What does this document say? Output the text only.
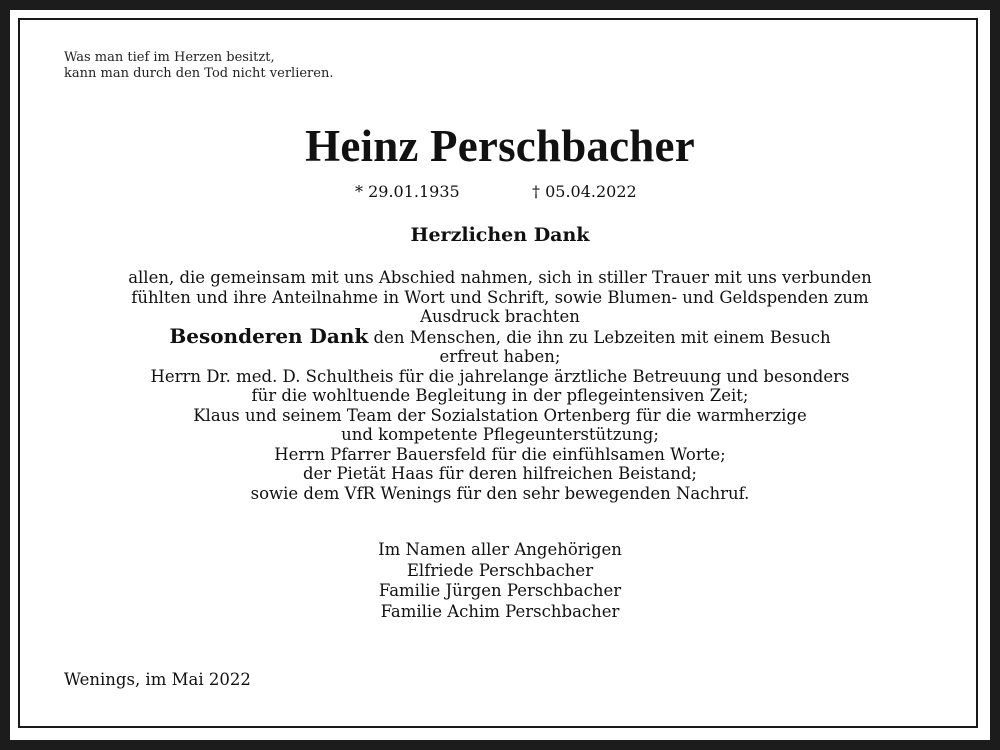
Was man tief im Herzen besitzt,
kann man durch den Tod nicht verlieren.
Heinz Perschbacher
* 29.01.1935	† 05.04.2022
Herzlichen Dank
allen, die gemeinsam mit uns Abschied nahmen, sich in stiller Trauer mit uns verbunden
fühlten und ihre Anteilnahme in Wort und Schrift, sowie Blumen- und Geldspenden zum
Ausdruck brachten
Besonderen Dank den Menschen, die ihn zu Lebzeiten mit einem Besuch
erfreut haben;
Herrn Dr. med. D. Schultheis für die jahrelange ärztliche Betreuung und besonders
für die wohltuende Begleitung in der pflegeintensiven Zeit;
Klaus und seinem Team der Sozialstation Ortenberg für die warmherzige
und kompetente Pflegeunterstützung;
Herrn Pfarrer Bauersfeld für die einfühlsamen Worte;
der Pietät Haas für deren hilfreichen Beistand;
sowie dem VfR Wenings für den sehr bewegenden Nachruf.
Im Namen aller Angehörigen
Elfriede Perschbacher
Familie Jürgen Perschbacher
Familie Achim Perschbacher
Wenings, im Mai 2022
